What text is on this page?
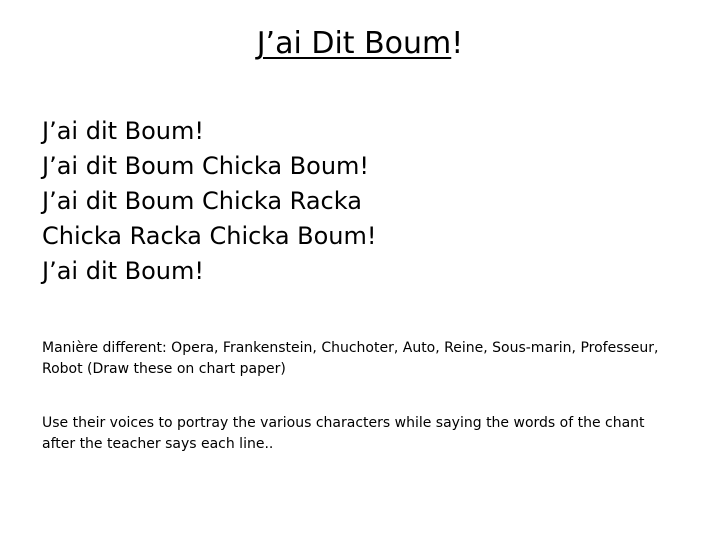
J’ai Dit Boum!
J’ai dit Boum!
J’ai dit Boum Chicka Boum!
J’ai dit Boum Chicka Racka
Chicka Racka Chicka Boum!
J’ai dit Boum!

Manière different: Opera, Frankenstein, Chuchoter, Auto, Reine, Sous-marin, Professeur, Robot (Draw these on chart paper)

Use their voices to portray the various characters while saying the words of the chant after the teacher says each line..
